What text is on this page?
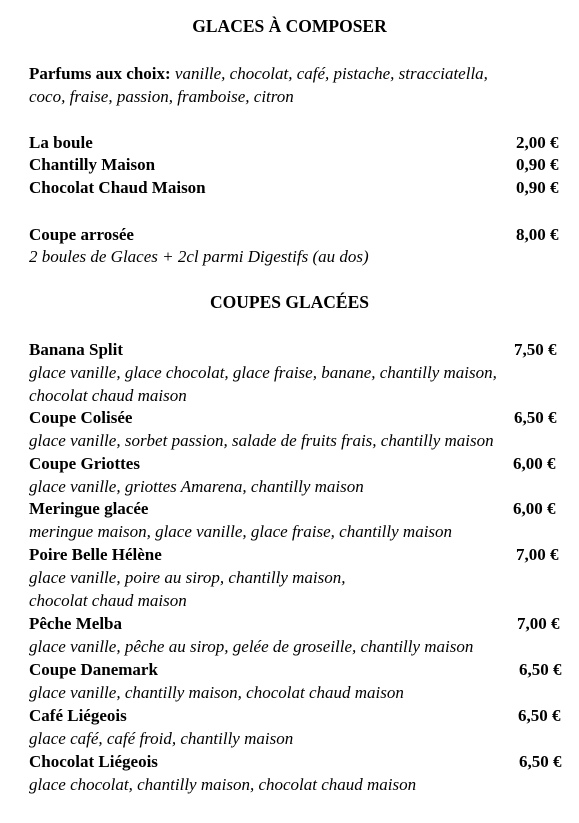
GLACES À COMPOSER
Parfums aux choix: vanille, chocolat, café, pistache, stracciatella,
coco, fraise, passion, framboise, citron
La boule	2,00 €
Chantilly Maison	0,90 €
Chocolat Chaud Maison	0,90 €
Coupe arrosée	8,00 €
2 boules de Glaces + 2cl parmi Digestifs (au dos)
COUPES GLACÉES
Banana Split	7,50 €
glace vanille, glace chocolat, glace fraise, banane, chantilly maison,
chocolat chaud maison
Coupe Colisée	6,50 €
glace vanille, sorbet passion, salade de fruits frais, chantilly maison
Coupe Griottes	6,00 €
glace vanille, griottes Amarena, chantilly maison
Meringue glacée	6,00 €
meringue maison, glace vanille, glace fraise, chantilly maison
Poire Belle Hélène	7,00 €
glace vanille, poire au sirop, chantilly maison,
chocolat chaud maison
Pêche Melba	7,00 €
glace vanille, pêche au sirop, gelée de groseille, chantilly maison
Coupe Danemark	6,50 €
glace vanille, chantilly maison, chocolat chaud maison
Café Liégeois	6,50 €
glace café, café froid, chantilly maison
Chocolat Liégeois	6,50 €
glace chocolat, chantilly maison, chocolat chaud maison
